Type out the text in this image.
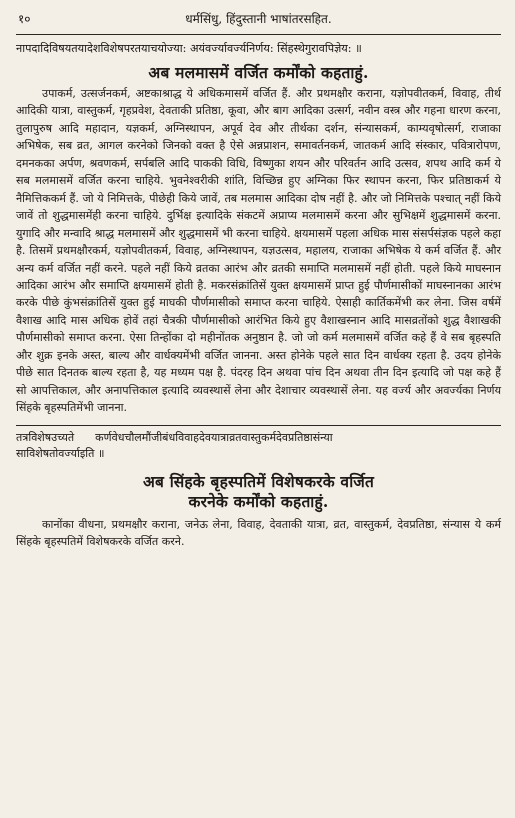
१०	धर्मसिंधु, हिंदुस्तानी भाषांतरसहित.
नापदादिविषयतयादेशविशेषपरतयाचयोज्या: अयंवर्ज्यावर्ज्यनिर्णय: सिंहस्थेगुरावपिज्ञेय: ॥
अब मलमासमें वर्जित कर्मोंको कहताहुं.

उपाकर्म, उत्सर्जनकर्म, अष्टकाश्राद्ध ये अधिकमासमें वर्जित हैं. और प्रथमक्षौर कराना, यज्ञोपवीतकर्म, विवाह, तीर्थ आदिकी यात्रा, वास्तुकर्म, गृहप्रवेश, देवताकी प्रतिष्ठा, कूवा, और बाग आदिका उत्सर्ग, नवीन वस्त्र और गहना धारण करना, तुलापुरुष आदि महादान, यज्ञकर्म, अग्निस्थापन, अपूर्व देव और तीर्थका दर्शन, संन्यासकर्म, काम्यवृषोत्सर्ग, राजाका अभिषेक, सब व्रत, आगल करनेको जिनको वक्त है ऐसे अन्नप्राशन, समावर्तनकर्म, जातकर्म आदि संस्कार, पवित्रारोपण, दमनकका अर्पण, श्रवणकर्म, सर्पबलि आदि पाककी विधि, विष्णुका शयन और परिवर्तन आदि उत्सव, शपथ आदि कर्म ये सब मलमासमें वर्जित करना चाहिये. भुवनेश्वरीकी शांति, विच्छिन्न हुए अग्निका फिर स्थापन करना, फिर प्रतिष्ठाकर्म ये नैमित्तिककर्म हैं. जो ये निमित्तके, पीछेही किये जावें, तब मलमास आदिका दोष नहीं है. और जो निमित्तके पश्चात् नहीं किये जावें तो शुद्धमासमेंही करना चाहिये. दुर्भिक्ष इत्यादिके संकटमें अप्राप्य मलमासमें करना और सुभिक्षमें शुद्धमासमें करना. युगादि और मन्वादि श्राद्ध मलमासमें और शुद्धमासमें भी करना चाहिये. क्षयमासमें पहला अधिक मास संसर्पसंज्ञक पहले कहा है. तिसमें प्रथमक्षौरकर्म, यज्ञोपवीतकर्म, विवाह, अग्निस्थापन, यज्ञउत्सव, महालय, राजाका अभिषेक ये कर्म वर्जित हैं. और अन्य कर्म वर्जित नहीं करने. पहले नहीं किये व्रतका आरंभ और व्रतकी समाप्ति मलमासमें नहीं होती. पहले किये माघस्नान आदिका आरंभ और समाप्ति क्षयमासमें होती है. मकरसंक्रांतिसें युक्त क्षयमासमें प्राप्त हुई पौर्णमासीकों माघस्नानका आरंभ करके पीछे कुंभसंक्रांतिसें युक्त हुई माघकी पौर्णमासीको समाप्त करना चाहिये. ऐसाही कार्तिकमेंभी कर लेना. जिस वर्षमें वैशाख आदि मास अधिक होवें तहां चैत्रकी पौर्णमासीको आरंभित किये हुए वैशाखस्नान आदि मासव्रतोंको शुद्ध वैशाखकी पौर्णमासीको समाप्त करना. ऐसा तिन्होंका दो महीनोंतक अनुष्ठान है. जो जो कर्म मलमासमें वर्जित कहे हैं वे सब बृहस्पति और शुक्र इनके अस्त, बाल्य और वार्धक्यमेंभी वर्जित जानना. अस्त होनेके पहले सात दिन वार्धक्य रहता है. उदय होनेके पीछे सात दिनतक बाल्य रहता है, यह मध्यम पक्ष है. पंदरह दिन अथवा पांच दिन अथवा तीन दिन इत्यादि जो पक्ष कहे हैं सो आपत्तिकाल, और अनापत्तिकाल इत्यादि व्यवस्थासें लेना और देशाचार व्यवस्थासें लेना. यह वर्ज्य और अवर्ज्यका निर्णय सिंहके बृहस्पतिमेंभी जानना.

तत्रविशेषउच्यते कर्णवेधचौलमौंजीबंधविवाहदेवयात्राव्रतवास्तुकर्मदेवप्रतिष्ठासंन्या
साविशेषतोवर्ज्याइति ॥
अब सिंहके बृहस्पतिमें विशेषकरके वर्जित
करनेके कर्मोंको कहताहुं.

कानोंका वीधना, प्रथमक्षौर कराना, जनेऊ लेना, विवाह, देवताकी यात्रा, व्रत, वास्तुकर्म, देवप्रतिष्ठा, संन्यास ये कर्म सिंहके बृहस्पतिमें विशेषकरके वर्जित करने.
